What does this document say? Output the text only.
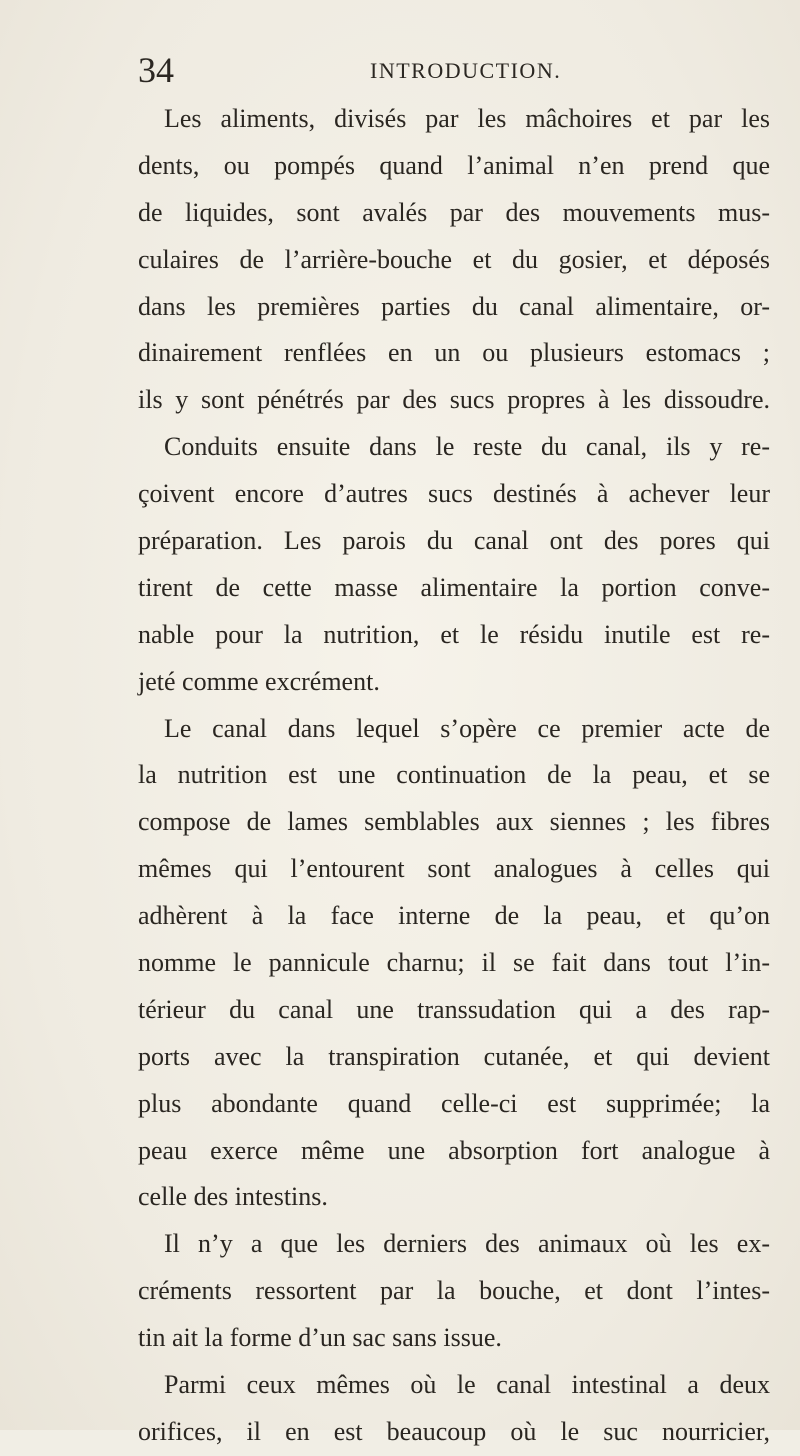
34	INTRODUCTION.
Les aliments, divisés par les mâchoires et par les
dents, ou pompés quand l’animal n’en prend que
de liquides, sont avalés par des mouvements mus-
culaires de l’arrière-bouche et du gosier, et déposés
dans les premières parties du canal alimentaire, or-
dinairement renflées en un ou plusieurs estomacs ;
ils y sont pénétrés par des sucs propres à les dissoudre.
Conduits ensuite dans le reste du canal, ils y re-
çoivent encore d’autres sucs destinés à achever leur
préparation. Les parois du canal ont des pores qui
tirent de cette masse alimentaire la portion conve-
nable pour la nutrition, et le résidu inutile est re-
jeté comme excrément.
Le canal dans lequel s’opère ce premier acte de
la nutrition est une continuation de la peau, et se
compose de lames semblables aux siennes ; les fibres
mêmes qui l’entourent sont analogues à celles qui
adhèrent à la face interne de la peau, et qu’on
nomme le pannicule charnu; il se fait dans tout l’in-
térieur du canal une transsudation qui a des rap-
ports avec la transpiration cutanée, et qui devient
plus abondante quand celle-ci est supprimée; la
peau exerce même une absorption fort analogue à
celle des intestins.
Il n’y a que les derniers des animaux où les ex-
créments ressortent par la bouche, et dont l’intes-
tin ait la forme d’un sac sans issue.
Parmi ceux mêmes où le canal intestinal a deux
orifices, il en est beaucoup où le suc nourricier,
